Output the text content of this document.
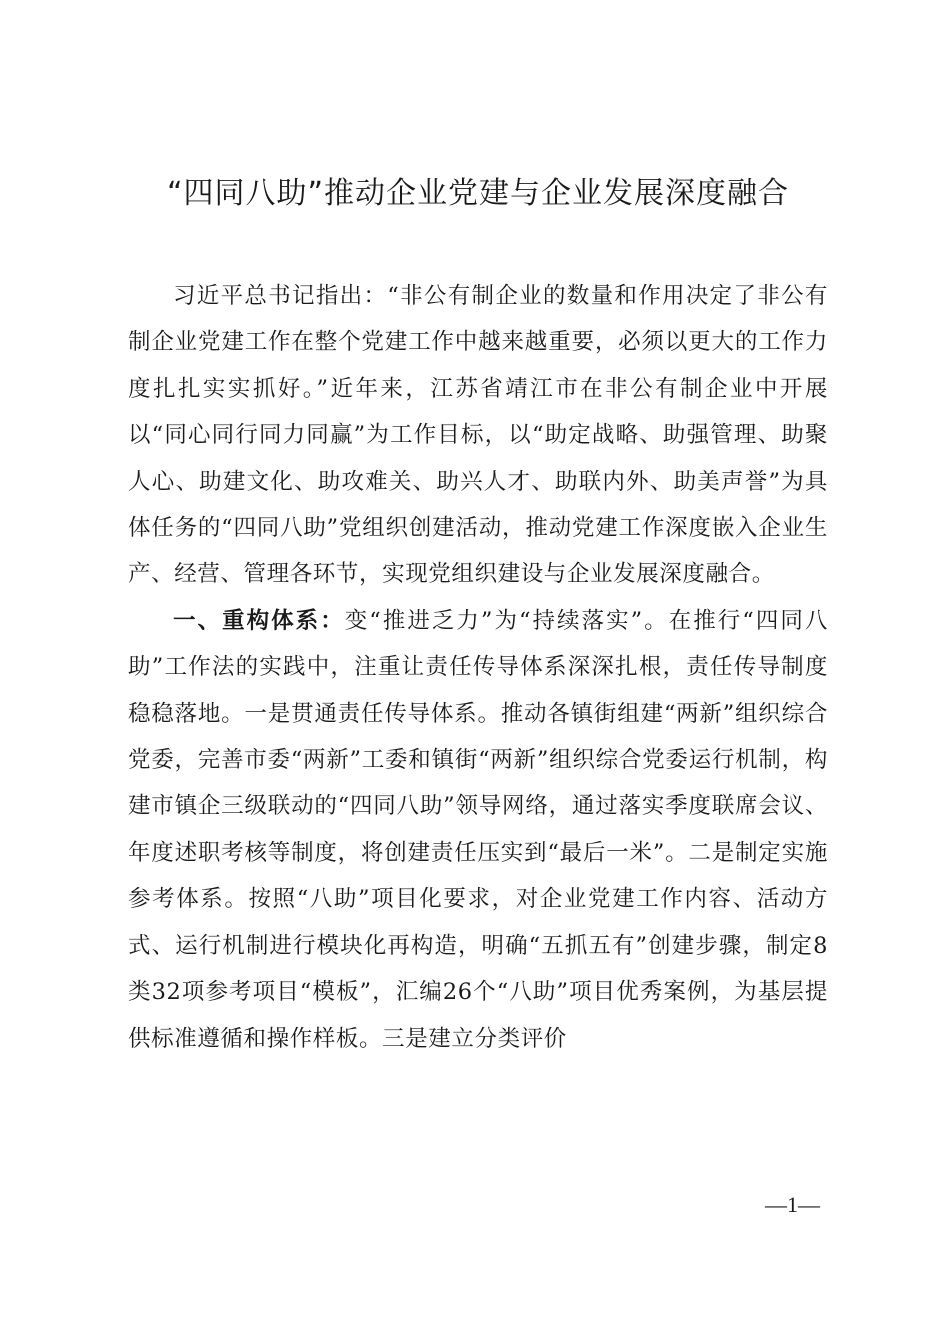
“四同八助”推动企业党建与企业发展深度融合

习近平总书记指出：“非公有制企业的数量和作用决定了非公有制企业党建工作在整个党建工作中越来越重要，必须以更大的工作力度扎扎实实抓好。”近年来，江苏省靖江市在非公有制企业中开展以“同心同行同力同赢”为工作目标，以“助定战略、助强管理、助聚人心、助建文化、助攻难关、助兴人才、助联内外、助美声誉”为具体任务的“四同八助”党组织创建活动，推动党建工作深度嵌入企业生产、经营、管理各环节，实现党组织建设与企业发展深度融合。

一、重构体系：变“推进乏力”为“持续落实”。在推行“四同八助”工作法的实践中，注重让责任传导体系深深扎根，责任传导制度稳稳落地。一是贯通责任传导体系。推动各镇街组建“两新”组织综合党委，完善市委“两新”工委和镇街“两新”组织综合党委运行机制，构建市镇企三级联动的“四同八助”领导网络，通过落实季度联席会议、年度述职考核等制度，将创建责任压实到“最后一米”。二是制定实施参考体系。按照“八助”项目化要求，对企业党建工作内容、活动方式、运行机制进行模块化再构造，明确“五抓五有”创建步骤，制定8类32项参考项目“模板”，汇编26个“八助”项目优秀案例，为基层提供标准遵循和操作样板。三是建立分类评价

—1—
